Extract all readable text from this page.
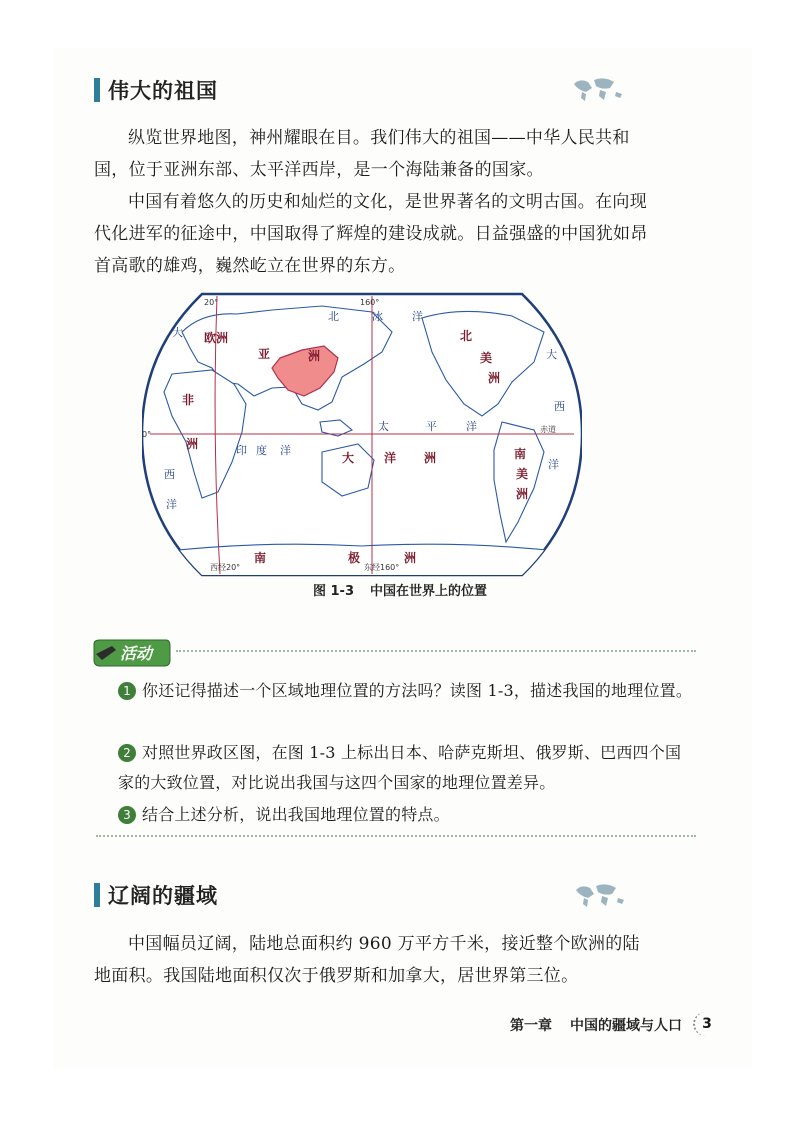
伟大的祖国

纵览世界地图，神州耀眼在目。我们伟大的祖国——中华人民共和国，位于亚洲东部、太平洋西岸，是一个海陆兼备的国家。

中国有着悠久的历史和灿烂的文化，是世界著名的文明古国。在向现代化进军的征途中，中国取得了辉煌的建设成就。日益强盛的中国犹如昂首高歌的雄鸡，巍然屹立在世界的东方。

20°	160°
西经20°	东经160°
0°
赤道
欧洲
亚	洲
非
洲
北
美
洲
南
美
洲
大 洋 洲
南	极	洲
北	冰	洋
印 度 洋
太	平	洋
大
西
洋
大
西
洋
图 1-3 中国在世界上的位置
活动

1 你还记得描述一个区域地理位置的方法吗？读图 1-3，描述我国的地理位置。

2 对照世界政区图，在图 1-3 上标出日本、哈萨克斯坦、俄罗斯、巴西四个国家的大致位置，对比说出我国与这四个国家的地理位置差异。

3 结合上述分析，说出我国地理位置的特点。

辽阔的疆域

中国幅员辽阔，陆地总面积约 960 万平方千米，接近整个欧洲的陆地面积。我国陆地面积仅次于俄罗斯和加拿大，居世界第三位。

第一章 中国的疆域与人口	3
